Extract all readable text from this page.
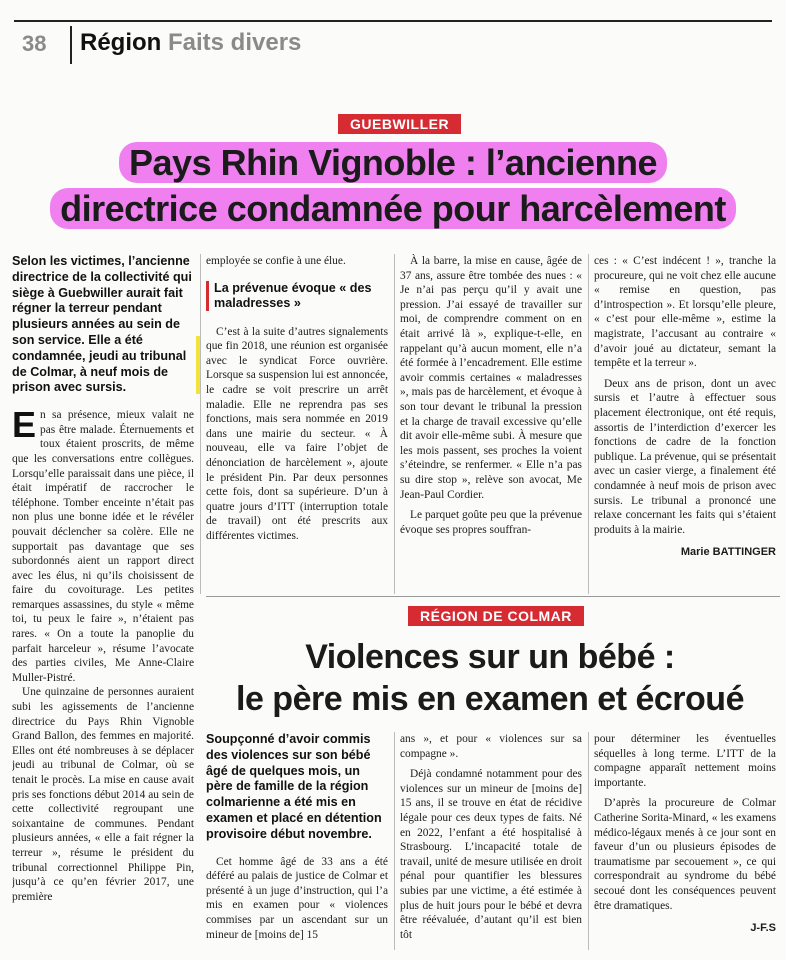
38 Région Faits divers
GUEBWILLER
Pays Rhin Vignoble : l’ancienne
directrice condamnée pour harcèlement

Selon les victimes, l’ancienne directrice de la collectivité qui siège à Guebwiller aurait fait régner la terreur pendant plusieurs années au sein de son service. Elle a été condamnée, jeudi au tribunal de Colmar, à neuf mois de prison avec sursis.

En sa présence, mieux valait ne pas être malade. Éternuements et toux étaient proscrits, de même que les conversations entre collègues. Lorsqu’elle paraissait dans une pièce, il était impératif de raccrocher le téléphone. Tomber enceinte n’était pas non plus une bonne idée et le révéler pouvait déclencher sa colère. Elle ne supportait pas davantage que ses subordonnés aient un rapport direct avec les élus, ni qu’ils choisissent de faire du covoiturage. Les petites remarques assassines, du style « même toi, tu peux le faire », n’étaient pas rares. « On a toute la panoplie du parfait harceleur », résume l’avocate des parties civiles, Me Anne-Claire Muller-Pistré.

Une quinzaine de personnes auraient subi les agissements de l’ancienne directrice du Pays Rhin Vignoble Grand Ballon, des femmes en majorité. Elles ont été nombreuses à se déplacer jeudi au tribunal de Colmar, où se tenait le procès. La mise en cause avait pris ses fonctions début 2014 au sein de cette collectivité regroupant une soixantaine de communes. Pendant plusieurs années, « elle a fait régner la terreur », résume le président du tribunal correctionnel Philippe Pin, jusqu’à ce qu’en février 2017, une première

employée se confie à une élue.

La prévenue évoque « des maladresses »

C’est à la suite d’autres signalements que fin 2018, une réunion est organisée avec le syndicat Force ouvrière. Lorsque sa suspension lui est annoncée, le cadre se voit prescrire un arrêt maladie. Elle ne reprendra pas ses fonctions, mais sera nommée en 2019 dans une mairie du secteur. « À nouveau, elle va faire l’objet de dénonciation de harcèlement », ajoute le président Pin. Par deux personnes cette fois, dont sa supérieure. D’un à quatre jours d’ITT (interruption totale de travail) ont été prescrits aux différentes victimes.

À la barre, la mise en cause, âgée de 37 ans, assure être tombée des nues : « Je n’ai pas perçu qu’il y avait une pression. J’ai essayé de travailler sur moi, de comprendre comment on en était arrivé là », explique-t-elle, en rappelant qu’à aucun moment, elle n’a été formée à l’encadrement. Elle estime avoir commis certaines « maladresses », mais pas de harcèlement, et évoque à son tour devant le tribunal la pression et la charge de travail excessive qu’elle dit avoir elle-même subi. À mesure que les mois passent, ses proches la voient s’éteindre, se renfermer. « Elle n’a pas su dire stop », relève son avocat, Me Jean-Paul Cordier.

Le parquet goûte peu que la prévenue évoque ses propres souffran-

ces : « C’est indécent ! », tranche la procureure, qui ne voit chez elle aucune « remise en question, pas d’introspection ». Et lorsqu’elle pleure, « c’est pour elle-même », estime la magistrate, l’accusant au contraire « d’avoir joué au dictateur, semant la tempête et la terreur ».

Deux ans de prison, dont un avec sursis et l’autre à effectuer sous placement électronique, ont été requis, assortis de l’interdiction d’exercer les fonctions de cadre de la fonction publique. La prévenue, qui se présentait avec un casier vierge, a finalement été condamnée à neuf mois de prison avec sursis. Le tribunal a prononcé une relaxe concernant les faits qui s’étaient produits à la mairie.

Marie BATTINGER

RÉGION DE COLMAR
Violences sur un bébé :
le père mis en examen et écroué

Soupçonné d’avoir commis des violences sur son bébé âgé de quelques mois, un père de famille de la région colmarienne a été mis en examen et placé en détention provisoire début novembre.

Cet homme âgé de 33 ans a été déféré au palais de justice de Colmar et présenté à un juge d’instruction, qui l’a mis en examen pour « violences commises par un ascendant sur un mineur de [moins de] 15

ans », et pour « violences sur sa compagne ».

Déjà condamné notamment pour des violences sur un mineur de [moins de] 15 ans, il se trouve en état de récidive légale pour ces deux types de faits. Né en 2022, l’enfant a été hospitalisé à Strasbourg. L’incapacité totale de travail, unité de mesure utilisée en droit pénal pour quantifier les blessures subies par une victime, a été estimée à plus de huit jours pour le bébé et devra être réévaluée, d’autant qu’il est bien tôt

pour déterminer les éventuelles séquelles à long terme. L’ITT de la compagne apparaît nettement moins importante.

D’après la procureure de Colmar Catherine Sorita-Minard, « les examens médico-légaux menés à ce jour sont en faveur d’un ou plusieurs épisodes de traumatisme par secouement », ce qui correspondrait au syndrome du bébé secoué dont les conséquences peuvent être dramatiques.

J-F.S
